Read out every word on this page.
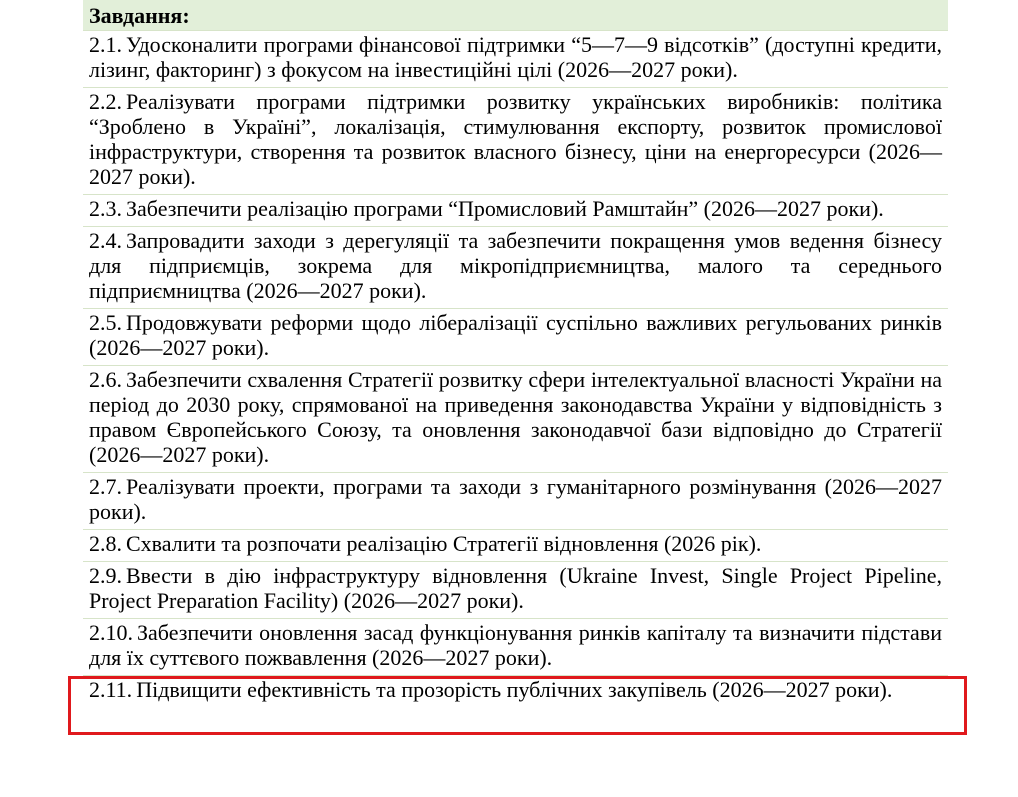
Завдання:
2.1. Удосконалити програми фінансової підтримки “5—7—9 відсотків” (доступні кредити, лізинг, факторинг) з фокусом на інвестиційні цілі (2026—2027 роки).
2.2. Реалізувати програми підтримки розвитку українських виробників: політика “Зроблено в Україні”, локалізація, стимулювання експорту, розвиток промислової інфраструктури, створення та розвиток власного бізнесу, ціни на енергоресурси (2026—2027 роки).
2.3. Забезпечити реалізацію програми “Промисловий Рамштайн” (2026—2027 роки).
2.4. Запровадити заходи з дерегуляції та забезпечити покращення умов ведення бізнесу для підприємців, зокрема для мікропідприємництва, малого та середнього підприємництва (2026—2027 роки).
2.5. Продовжувати реформи щодо лібералізації суспільно важливих регульованих ринків (2026—2027 роки).
2.6. Забезпечити схвалення Стратегії розвитку сфери інтелектуальної власності України на період до 2030 року, спрямованої на приведення законодавства України у відповідність з правом Європейського Союзу, та оновлення законодавчої бази відповідно до Стратегії (2026—2027 роки).
2.7. Реалізувати проекти, програми та заходи з гуманітарного розмінування (2026—2027 роки).
2.8. Схвалити та розпочати реалізацію Стратегії відновлення (2026 рік).
2.9. Ввести в дію інфраструктуру відновлення (Ukraine Invest, Single Project Pipeline, Project Preparation Facility) (2026—2027 роки).
2.10. Забезпечити оновлення засад функціонування ринків капіталу та визначити підстави для їх суттєвого пожвавлення (2026—2027 роки).
2.11. Підвищити ефективність та прозорість публічних закупівель (2026—2027 роки).
